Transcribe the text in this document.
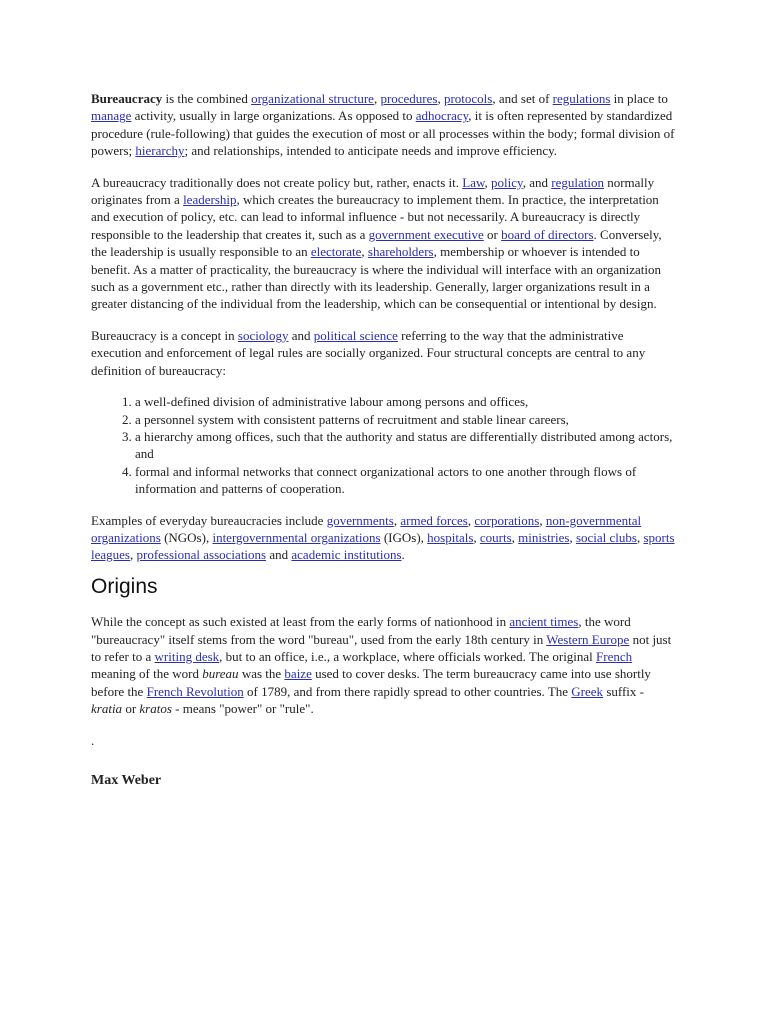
Bureaucracy is the combined organizational structure, procedures, protocols, and set of regulations in place to manage activity, usually in large organizations. As opposed to adhocracy, it is often represented by standardized procedure (rule-following) that guides the execution of most or all processes within the body; formal division of powers; hierarchy; and relationships, intended to anticipate needs and improve efficiency.

A bureaucracy traditionally does not create policy but, rather, enacts it. Law, policy, and regulation normally originates from a leadership, which creates the bureaucracy to implement them. In practice, the interpretation and execution of policy, etc. can lead to informal influence - but not necessarily. A bureaucracy is directly responsible to the leadership that creates it, such as a government executive or board of directors. Conversely, the leadership is usually responsible to an electorate, shareholders, membership or whoever is intended to benefit. As a matter of practicality, the bureaucracy is where the individual will interface with an organization such as a government etc., rather than directly with its leadership. Generally, larger organizations result in a greater distancing of the individual from the leadership, which can be consequential or intentional by design.

Bureaucracy is a concept in sociology and political science referring to the way that the administrative execution and enforcement of legal rules are socially organized. Four structural concepts are central to any definition of bureaucracy:

1. a well-defined division of administrative labour among persons and offices,
2. a personnel system with consistent patterns of recruitment and stable linear careers,
3. a hierarchy among offices, such that the authority and status are differentially distributed among actors, and
4. formal and informal networks that connect organizational actors to one another through flows of information and patterns of cooperation.

Examples of everyday bureaucracies include governments, armed forces, corporations, non-governmental organizations (NGOs), intergovernmental organizations (IGOs), hospitals, courts, ministries, social clubs, sports leagues, professional associations and academic institutions.

Origins

While the concept as such existed at least from the early forms of nationhood in ancient times, the word "bureaucracy" itself stems from the word "bureau", used from the early 18th century in Western Europe not just to refer to a writing desk, but to an office, i.e., a workplace, where officials worked. The original French meaning of the word bureau was the baize used to cover desks. The term bureaucracy came into use shortly before the French Revolution of 1789, and from there rapidly spread to other countries. The Greek suffix - kratia or kratos - means "power" or "rule".

.

Max Weber
